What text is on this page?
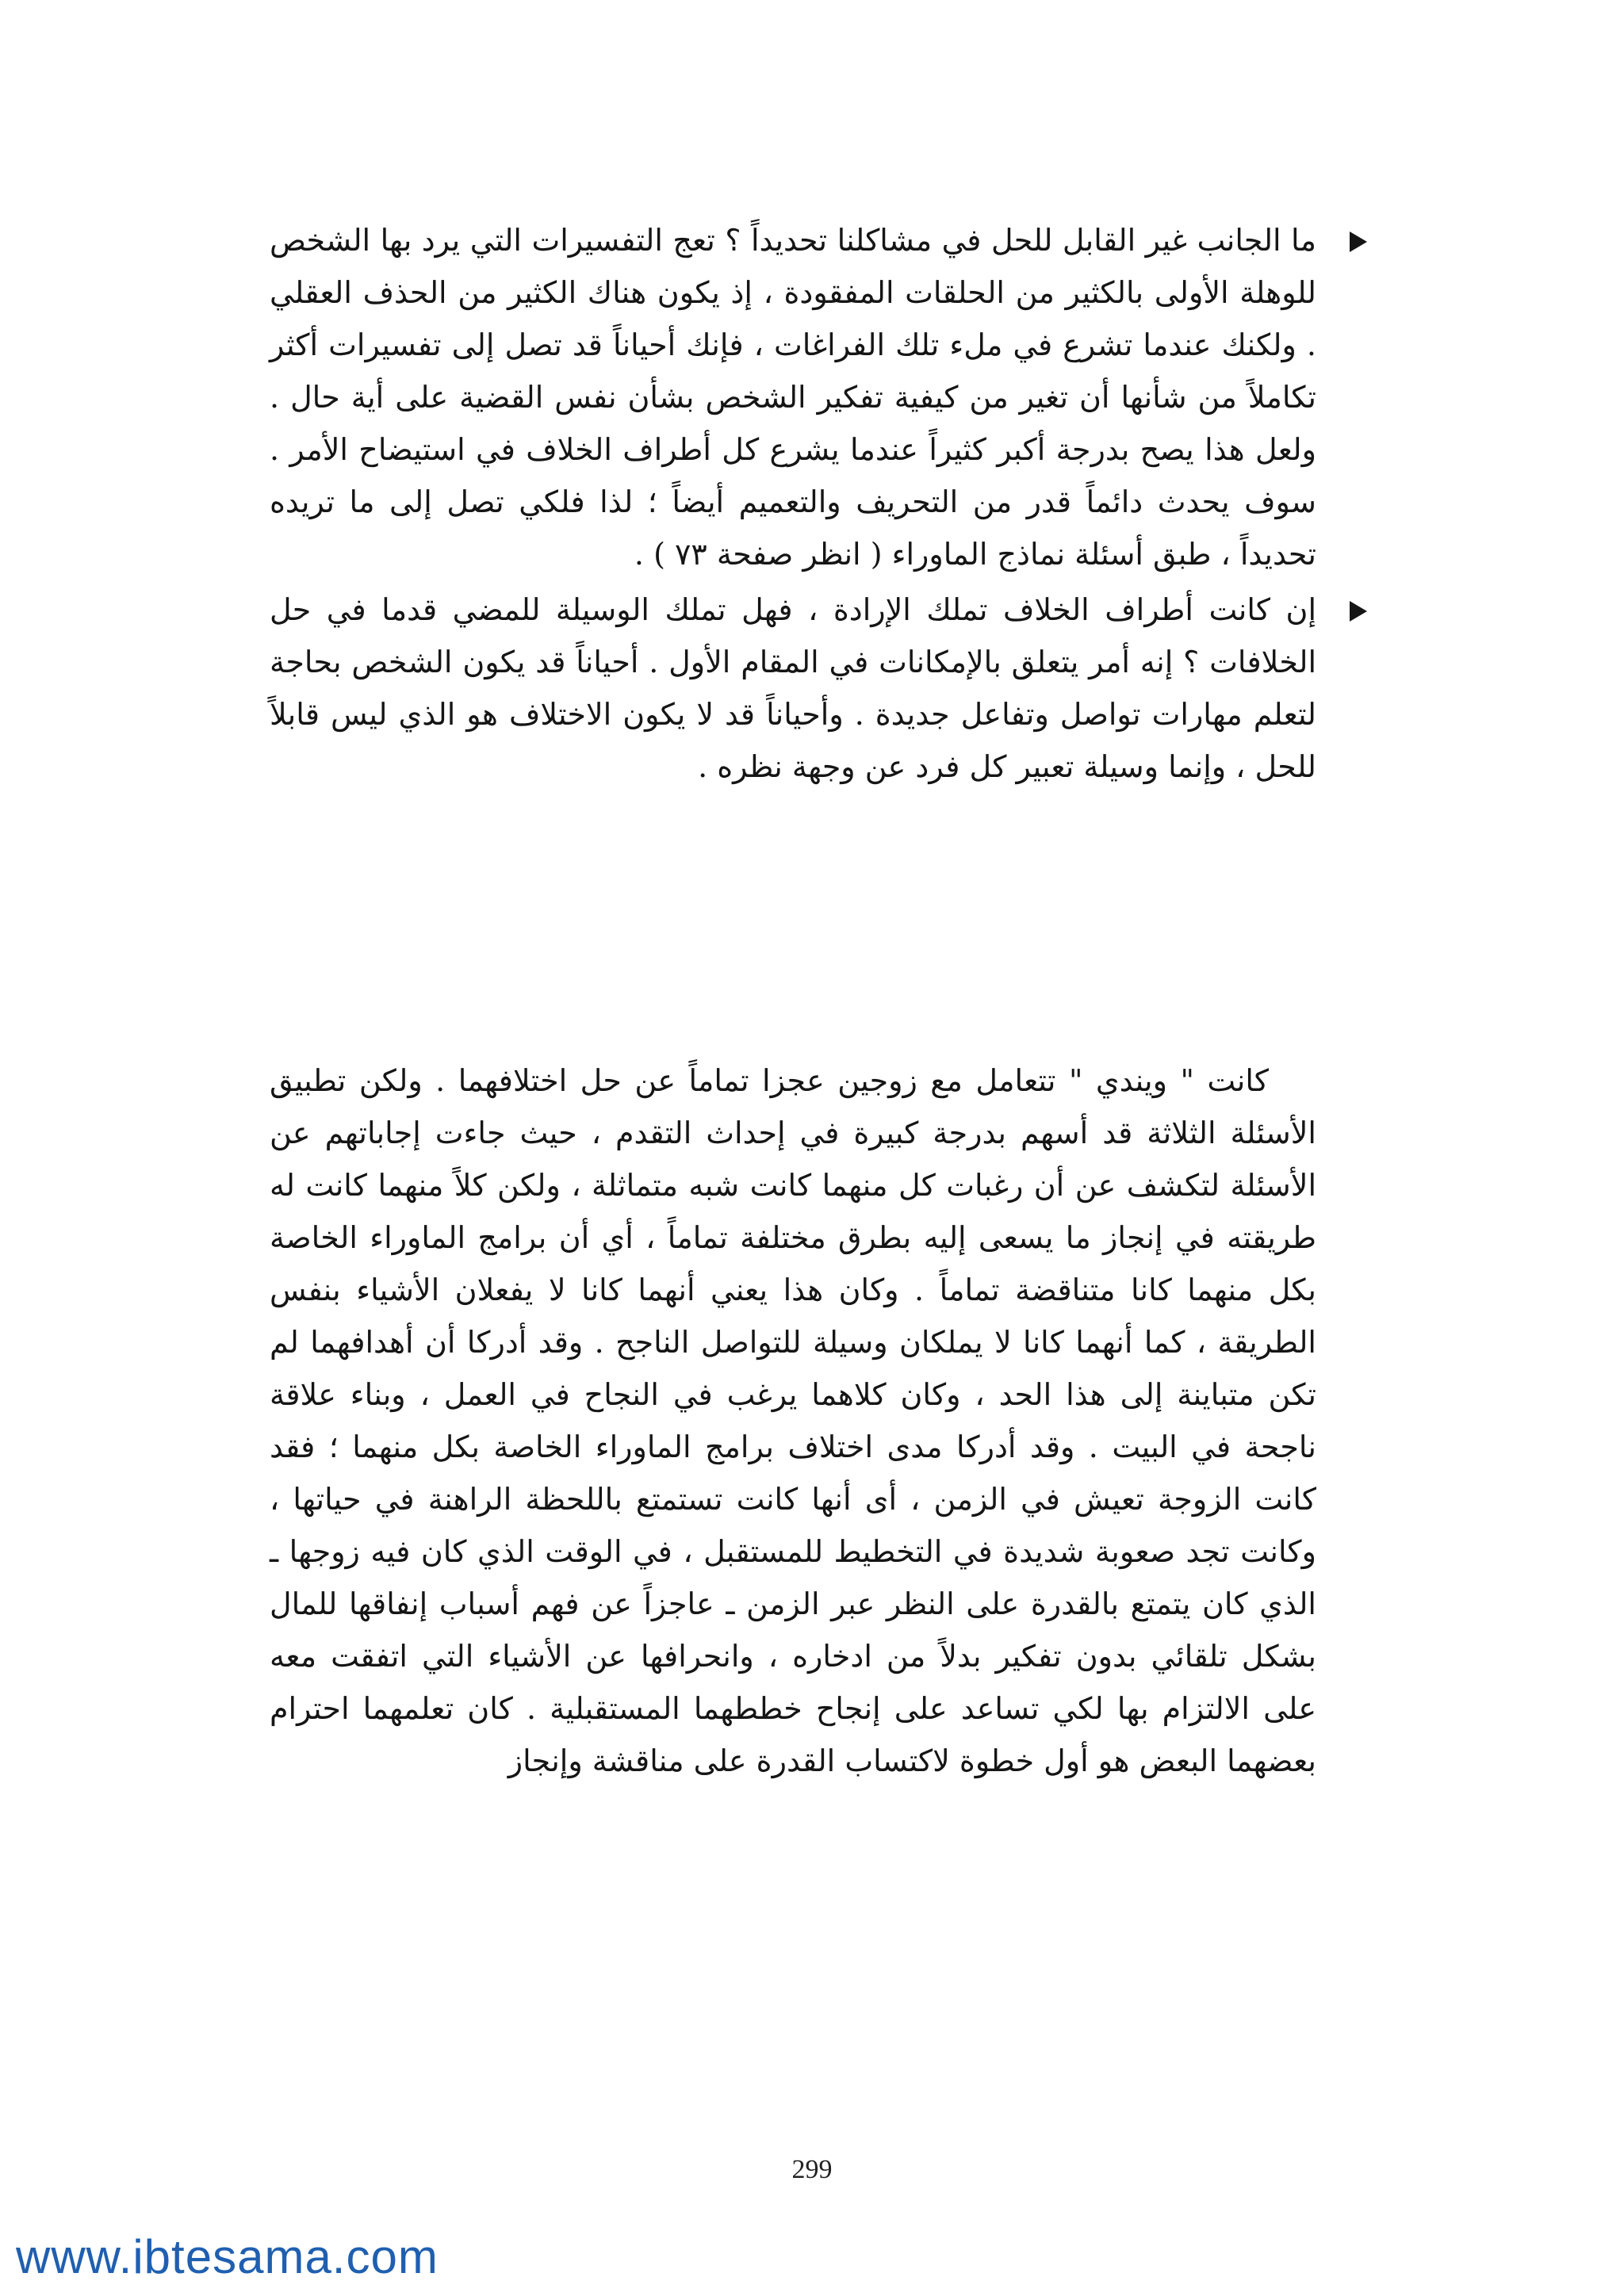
ما الجانب غير القابل للحل في مشاكلنا تحديداً ؟ تعج التفسيرات التي يرد بها الشخص للوهلة الأولى بالكثير من الحلقات المفقودة ، إذ يكون هناك الكثير من الحذف العقلي . ولكنك عندما تشرع في ملء تلك الفراغات ، فإنك أحياناً قد تصل إلى تفسيرات أكثر تكاملاً من شأنها أن تغير من كيفية تفكير الشخص بشأن نفس القضية على أية حال . ولعل هذا يصح بدرجة أكبر كثيراً عندما يشرع كل أطراف الخلاف في استيضاح الأمر . سوف يحدث دائماً قدر من التحريف والتعميم أيضاً ؛ لذا فلكي تصل إلى ما تريده تحديداً ، طبق أسئلة نماذج الماوراء ( انظر صفحة ٧٣ ) .
إن كانت أطراف الخلاف تملك الإرادة ، فهل تملك الوسيلة للمضي قدما في حل الخلافات ؟ إنه أمر يتعلق بالإمكانات في المقام الأول . أحياناً قد يكون الشخص بحاجة لتعلم مهارات تواصل وتفاعل جديدة . وأحياناً قد لا يكون الاختلاف هو الذي ليس قابلاً للحل ، وإنما وسيلة تعبير كل فرد عن وجهة نظره .

كانت " ويندي " تتعامل مع زوجين عجزا تماماً عن حل اختلافهما . ولكن تطبيق الأسئلة الثلاثة قد أسهم بدرجة كبيرة في إحداث التقدم ، حيث جاءت إجاباتهم عن الأسئلة لتكشف عن أن رغبات كل منهما كانت شبه متماثلة ، ولكن كلاً منهما كانت له طريقته في إنجاز ما يسعى إليه بطرق مختلفة تماماً ، أي أن برامج الماوراء الخاصة بكل منهما كانا متناقضة تماماً . وكان هذا يعني أنهما كانا لا يفعلان الأشياء بنفس الطريقة ، كما أنهما كانا لا يملكان وسيلة للتواصل الناجح . وقد أدركا أن أهدافهما لم تكن متباينة إلى هذا الحد ، وكان كلاهما يرغب في النجاح في العمل ، وبناء علاقة ناجحة في البيت . وقد أدركا مدى اختلاف برامج الماوراء الخاصة بكل منهما ؛ فقد كانت الزوجة تعيش في الزمن ، أى أنها كانت تستمتع باللحظة الراهنة في حياتها ، وكانت تجد صعوبة شديدة في التخطيط للمستقبل ، في الوقت الذي كان فيه زوجها ـ الذي كان يتمتع بالقدرة على النظر عبر الزمن ـ عاجزاً عن فهم أسباب إنفاقها للمال بشكل تلقائي بدون تفكير بدلاً من ادخاره ، وانحرافها عن الأشياء التي اتفقت معه على الالتزام بها لكي تساعد على إنجاح خططهما المستقبلية . كان تعلمهما احترام بعضهما البعض هو أول خطوة لاكتساب القدرة على مناقشة وإنجاز

299
www.ibtesama.com
